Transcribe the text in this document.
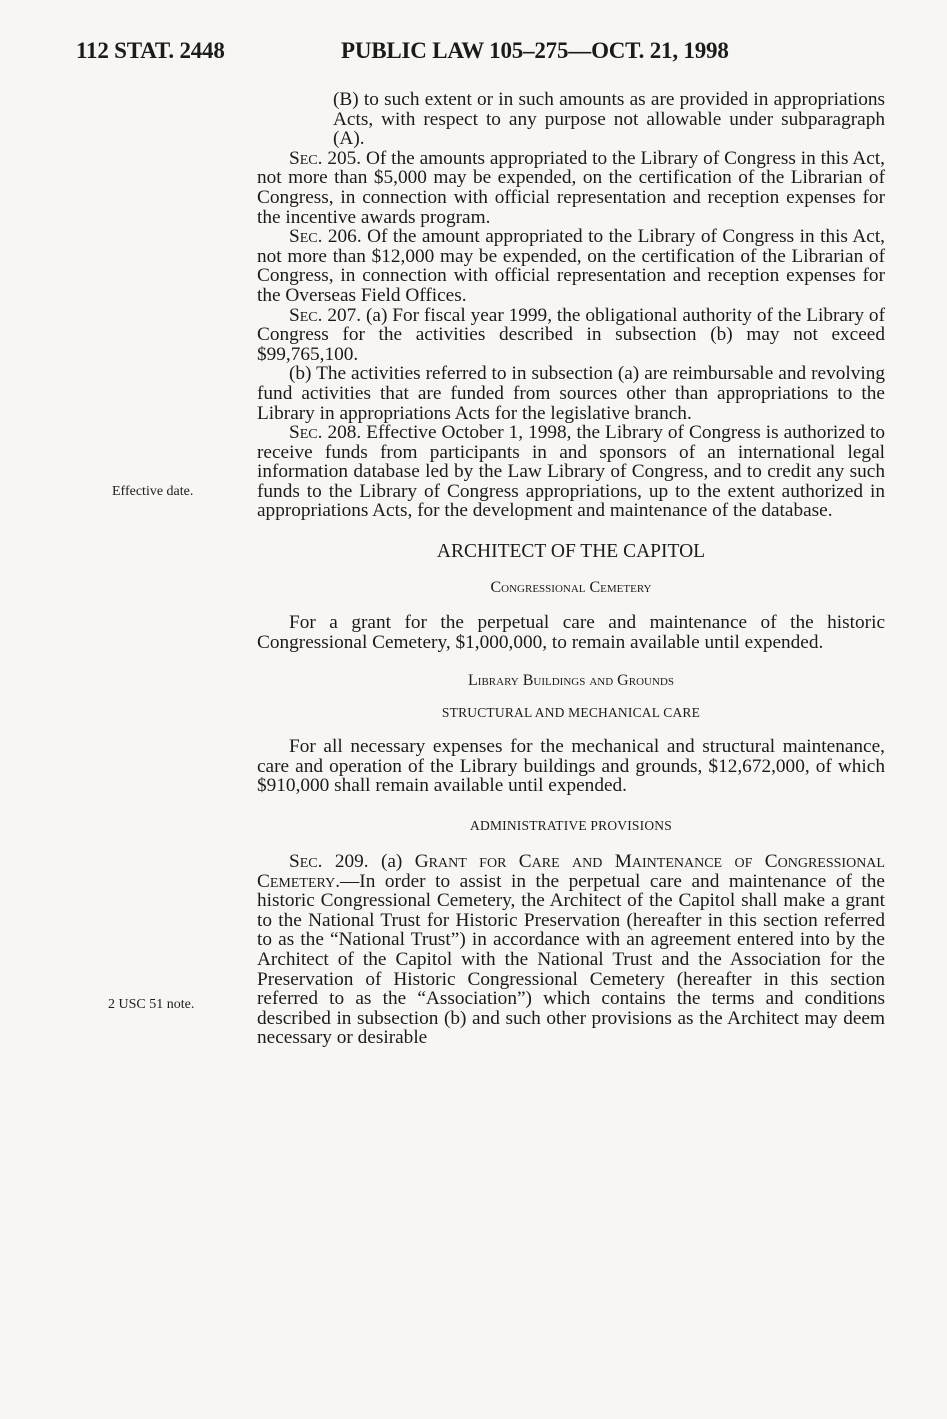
112 STAT. 2448	PUBLIC LAW 105–275—OCT. 21, 1998
Effective date.
2 USC 51 note.

(B) to such extent or in such amounts as are provided in appropriations Acts, with respect to any purpose not allowable under subparagraph (A).

Sec. 205. Of the amounts appropriated to the Library of Congress in this Act, not more than $5,000 may be expended, on the certification of the Librarian of Congress, in connection with official representation and reception expenses for the incentive awards program.

Sec. 206. Of the amount appropriated to the Library of Congress in this Act, not more than $12,000 may be expended, on the certification of the Librarian of Congress, in connection with official representation and reception expenses for the Overseas Field Offices.

Sec. 207. (a) For fiscal year 1999, the obligational authority of the Library of Congress for the activities described in subsection (b) may not exceed $99,765,100.

(b) The activities referred to in subsection (a) are reimbursable and revolving fund activities that are funded from sources other than appropriations to the Library in appropriations Acts for the legislative branch.

Sec. 208. Effective October 1, 1998, the Library of Congress is authorized to receive funds from participants in and sponsors of an international legal information database led by the Law Library of Congress, and to credit any such funds to the Library of Congress appropriations, up to the extent authorized in appropriations Acts, for the development and maintenance of the database.

ARCHITECT OF THE CAPITOL
Congressional Cemetery

For a grant for the perpetual care and maintenance of the historic Congressional Cemetery, $1,000,000, to remain available until expended.

Library Buildings and Grounds
STRUCTURAL AND MECHANICAL CARE

For all necessary expenses for the mechanical and structural maintenance, care and operation of the Library buildings and grounds, $12,672,000, of which $910,000 shall remain available until expended.

ADMINISTRATIVE PROVISIONS

Sec. 209. (a) Grant for Care and Maintenance of Congressional Cemetery.—In order to assist in the perpetual care and maintenance of the historic Congressional Cemetery, the Architect of the Capitol shall make a grant to the National Trust for Historic Preservation (hereafter in this section referred to as the “National Trust”) in accordance with an agreement entered into by the Architect of the Capitol with the National Trust and the Association for the Preservation of Historic Congressional Cemetery (hereafter in this section referred to as the “Association”) which contains the terms and conditions described in subsection (b) and such other provisions as the Architect may deem necessary or desirable
